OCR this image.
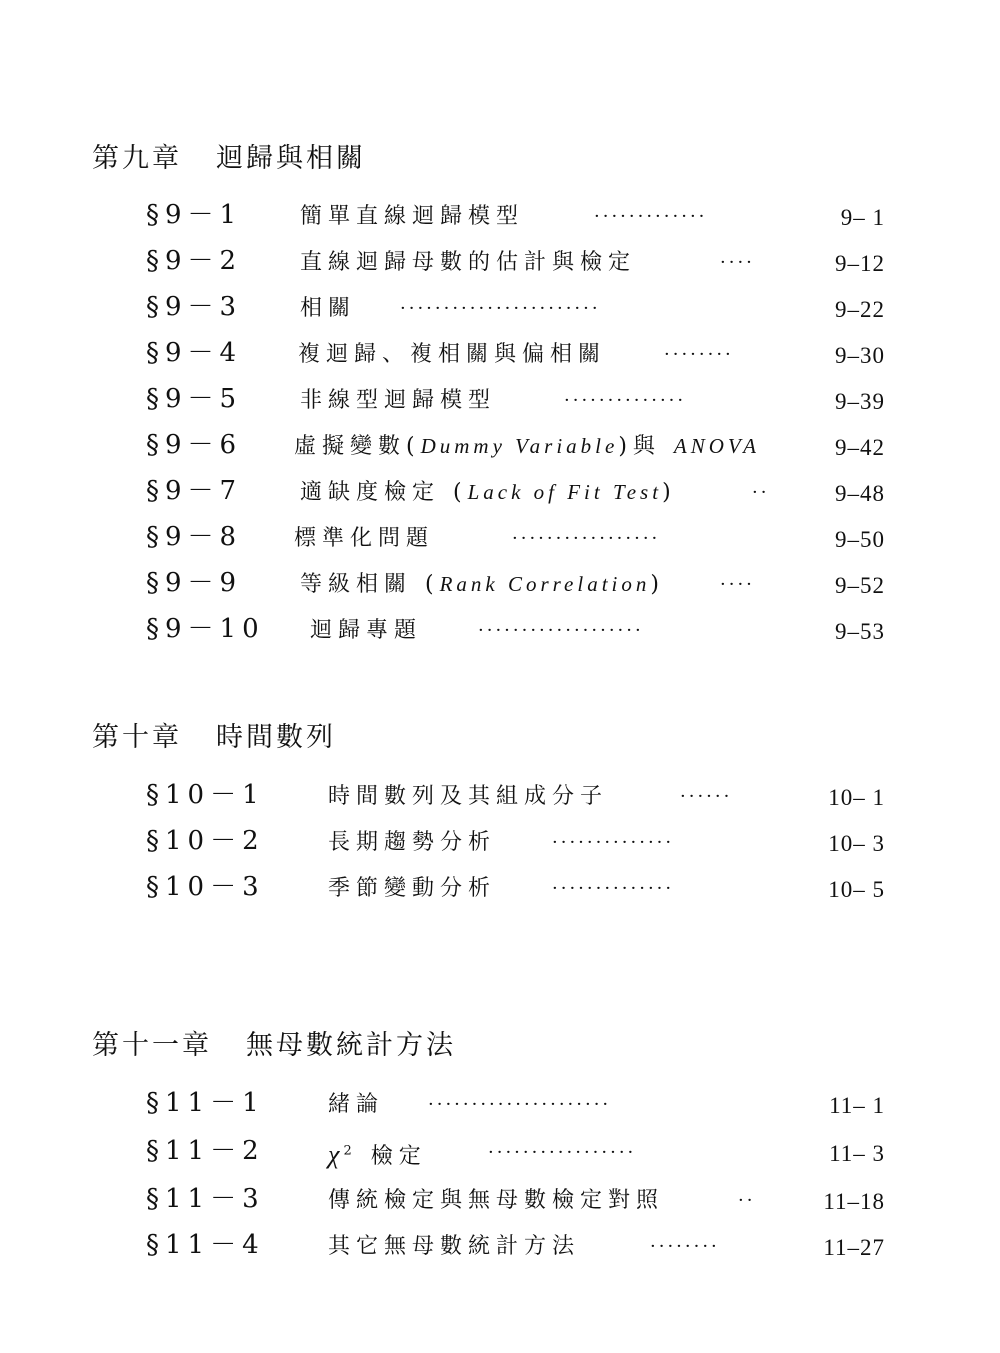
第九章 迴歸與相關
§9－1	簡單直線迴歸模型	·············	9– 1
§9－2	直線迴歸母數的估計與檢定	····	9–12
§9－3	相關 ·······················	9–22
§9－4	複迴歸、複相關與偏相關	········	9–30
§9－5	非線型迴歸模型	··············	9–39
§9－6 虛擬變數(Dummy Variable)與 ANOVA	9–42
§9－7	適缺度檢定 (Lack of Fit Test)	··	9–48
§9－8 標準化問題	·················	9–50
§9－9	等級相關 (Rank Correlation)	····	9–52
§9－10 迴歸專題	···················	9–53
第十章 時間數列
§10－1	時間數列及其組成分子	······	10– 1
§10－2	長期趨勢分析	··············	10– 3
§10－3	季節變動分析	··············	10– 5
第十一章 無母數統計方法
§11－1	緒論 ·····················	11– 1
§11－2 $\chi^2$ 檢定	·················	11– 3
§11－3	傳統檢定與無母數檢定對照	··	11–18
§11－4	其它無母數統計方法	········	11–27
